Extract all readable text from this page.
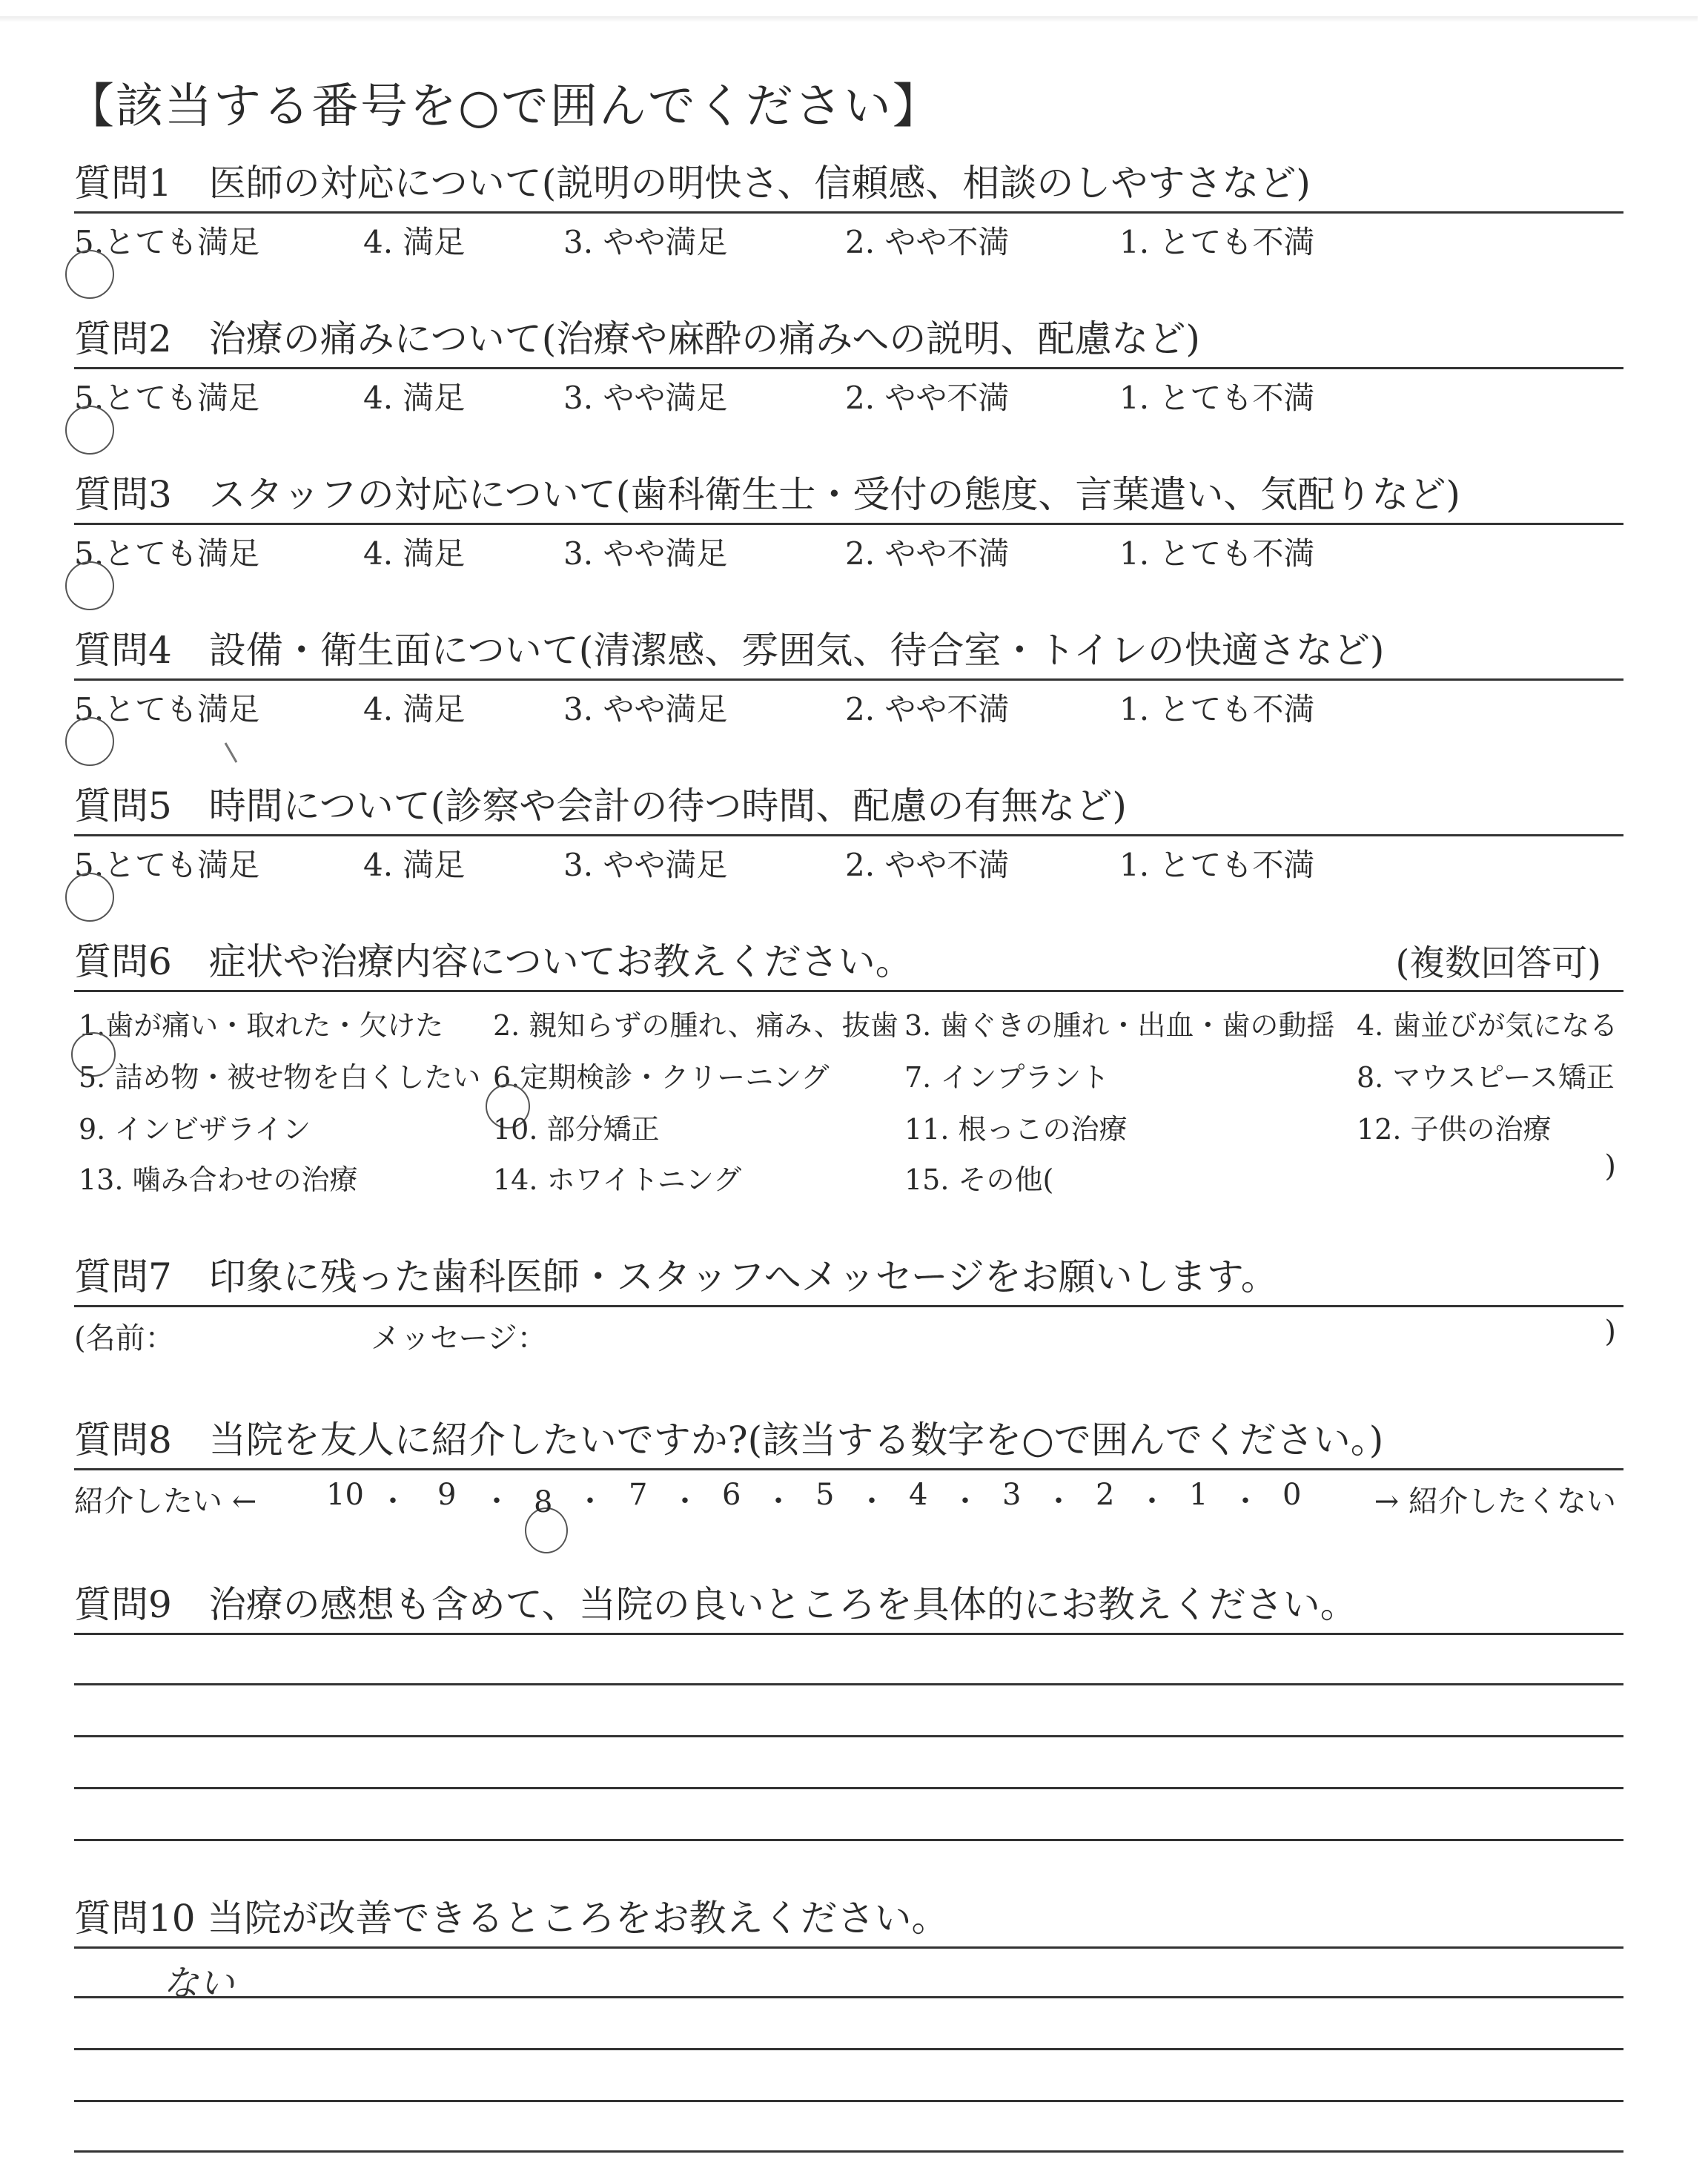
【該当する番号を○で囲んでください】
質問1　医師の対応について(説明の明快さ、信頼感、相談のしやすさなど)
5.とても満足	4. 満足	3. やや満足	2. やや不満	1. とても不満
質問2　治療の痛みについて(治療や麻酔の痛みへの説明、配慮など)
5.とても満足	4. 満足	3. やや満足	2. やや不満	1. とても不満
質問3　スタッフの対応について(歯科衛生士・受付の態度、言葉遣い、気配りなど)
5.とても満足	4. 満足	3. やや満足	2. やや不満	1. とても不満
質問4　設備・衛生面について(清潔感、雰囲気、待合室・トイレの快適さなど)
5.とても満足	4. 満足	3. やや満足	2. やや不満	1. とても不満
質問5　時間について(診察や会計の待つ時間、配慮の有無など)
5.とても満足	4. 満足	3. やや満足	2. やや不満	1. とても不満
質問6　症状や治療内容についてお教えください。	(複数回答可)
1.歯が痛い・取れた・欠けた 2. 親知らずの腫れ、痛み、抜歯 3. 歯ぐきの腫れ・出血・歯の動揺 4. 歯並びが気になる
5. 詰め物・被せ物を白くしたい 6.定期検診・クリーニング	7. インプラント	8. マウスピース矯正
9. インビザライン	10. 部分矯正	11. 根っこの治療	12. 子供の治療
13. 噛み合わせの治療	14. ホワイトニング	15. その他(	)
質問7　印象に残った歯科医師・スタッフへメッセージをお願いします。
(名前：	メッセージ：	)
質問8　当院を友人に紹介したいですか?(該当する数字を○で囲んでください。)
紹介したい ← 10 ・ 9 ・ 8 ・ 7 ・ 6 ・ 5 ・ 4 ・ 3 ・ 2 ・ 1 ・ 0 → 紹介したくない
質問9　治療の感想も含めて、当院の良いところを具体的にお教えください。
質問10 当院が改善できるところをお教えください。
ない
